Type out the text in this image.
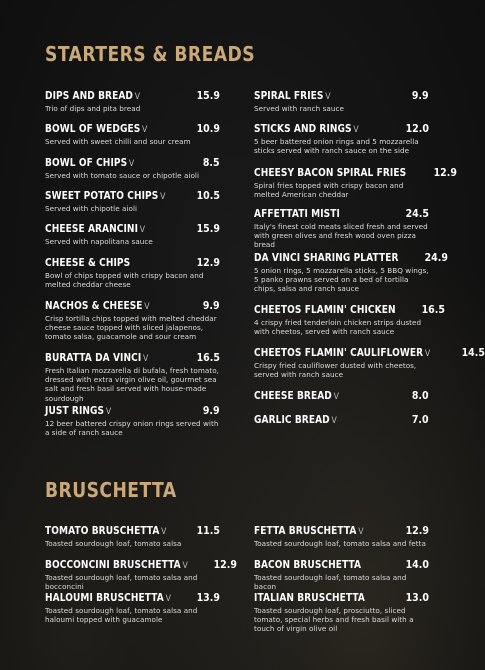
STARTERS & BREADS
DIPS AND BREAD V	15.9
Trio of dips and pita bread
BOWL OF WEDGES V	10.9
Served with sweet chilli and sour cream
BOWL OF CHIPS V	8.5
Served with tomato sauce or chipotle aioli
SWEET POTATO CHIPS V	10.5
Served with chipotle aioli
CHEESE ARANCINI V	15.9
Served with napolitana sauce
CHEESE & CHIPS	12.9
Bowl of chips topped with crispy bacon and melted cheddar cheese
NACHOS & CHEESE V	9.9
Crisp tortilla chips topped with melted cheddar cheese sauce topped with sliced jalapenos, tomato salsa, guacamole and sour cream
BURATTA DA VINCI V	16.5
Fresh Italian mozzarella di bufala, fresh tomato, dressed with extra virgin olive oil, gourmet sea salt and fresh basil served with house-made sourdough
JUST RINGS V	9.9
12 beer battered crispy onion rings served with a side of ranch sauce
SPIRAL FRIES V	9.9
Served with ranch sauce
STICKS AND RINGS V	12.0
5 beer battered onion rings and 5 mozzarella sticks served with ranch sauce on the side
CHEESY BACON SPIRAL FRIES	12.9
Spiral fries topped with crispy bacon and melted American cheddar
AFFETTATI MISTI	24.5
Italy's finest cold meats sliced fresh and served with green olives and fresh wood oven pizza bread
DA VINCI SHARING PLATTER 24.9
5 onion rings, 5 mozzarella sticks, 5 BBQ wings, 5 panko prawns served on a bed of tortilla chips, salsa and ranch sauce
CHEETOS FLAMIN' CHICKEN 16.5
4 crispy fried tenderloin chicken strips dusted with cheetos, served with ranch sauce
CHEETOS FLAMIN' CAULIFLOWER V	14.5
Crispy fried cauliflower dusted with cheetos, served with ranch sauce
CHEESE BREAD V	8.0
GARLIC BREAD V	7.0
BRUSCHETTA
TOMATO BRUSCHETTA V	11.5
Toasted sourdough loaf, tomato salsa
BOCCONCINI BRUSCHETTA V 12.9
Toasted sourdough loaf, tomato salsa and bocconcini
HALOUMI BRUSCHETTA V 13.9
Toasted sourdough loaf, tomato salsa and haloumi topped with guacamole
FETTA BRUSCHETTA V	12.9
Toasted sourdough loaf, tomato salsa and fetta
BACON BRUSCHETTA	14.0
Toasted sourdough loaf, tomato salsa and bacon
ITALIAN BRUSCHETTA	13.0
Toasted sourdough loaf, prosciutto, sliced tomato, special herbs and fresh basil with a touch of virgin olive oil
